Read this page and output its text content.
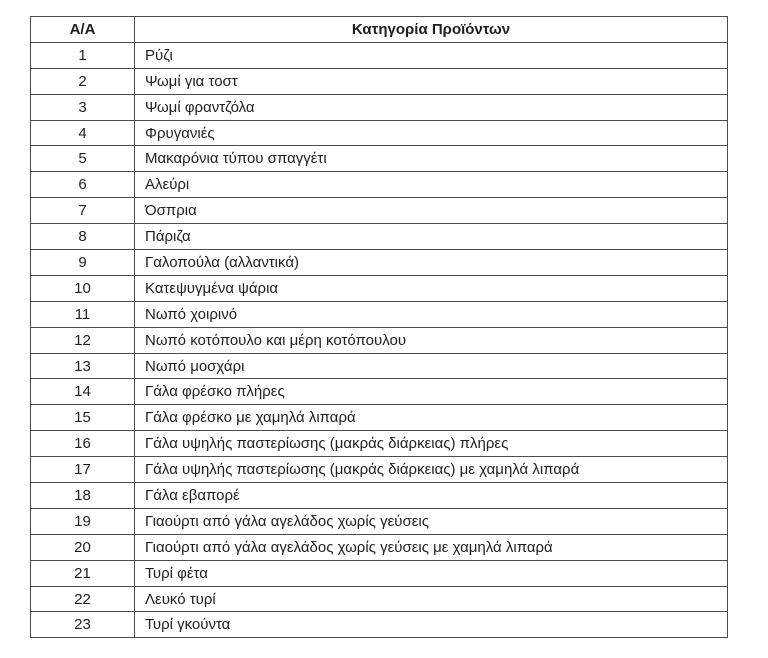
Α/Α	Κατηγορία Προϊόντων
1	Ρύζι
2	Ψωμί για τοστ
3	Ψωμί φραντζόλα
4	Φρυγανιές
5	Μακαρόνια τύπου σπαγγέτι
6	Αλεύρι
7	Όσπρια
8	Πάριζα
9	Γαλοπούλα (αλλαντικά)
10	Κατεψυγμένα ψάρια
11	Νωπό χοιρινό
12	Νωπό κοτόπουλο και μέρη κοτόπουλου
13	Νωπό μοσχάρι
14	Γάλα φρέσκο πλήρες
15	Γάλα φρέσκο με χαμηλά λιπαρά
16	Γάλα υψηλής παστερίωσης (μακράς διάρκειας) πλήρες
17	Γάλα υψηλής παστερίωσης (μακράς διάρκειας) με χαμηλά λιπαρά
18	Γάλα εβαπορέ
19	Γιαούρτι από γάλα αγελάδος χωρίς γεύσεις
20	Γιαούρτι από γάλα αγελάδος χωρίς γεύσεις με χαμηλά λιπαρά
21	Τυρί φέτα
22	Λευκό τυρί
23	Τυρί γκούντα
